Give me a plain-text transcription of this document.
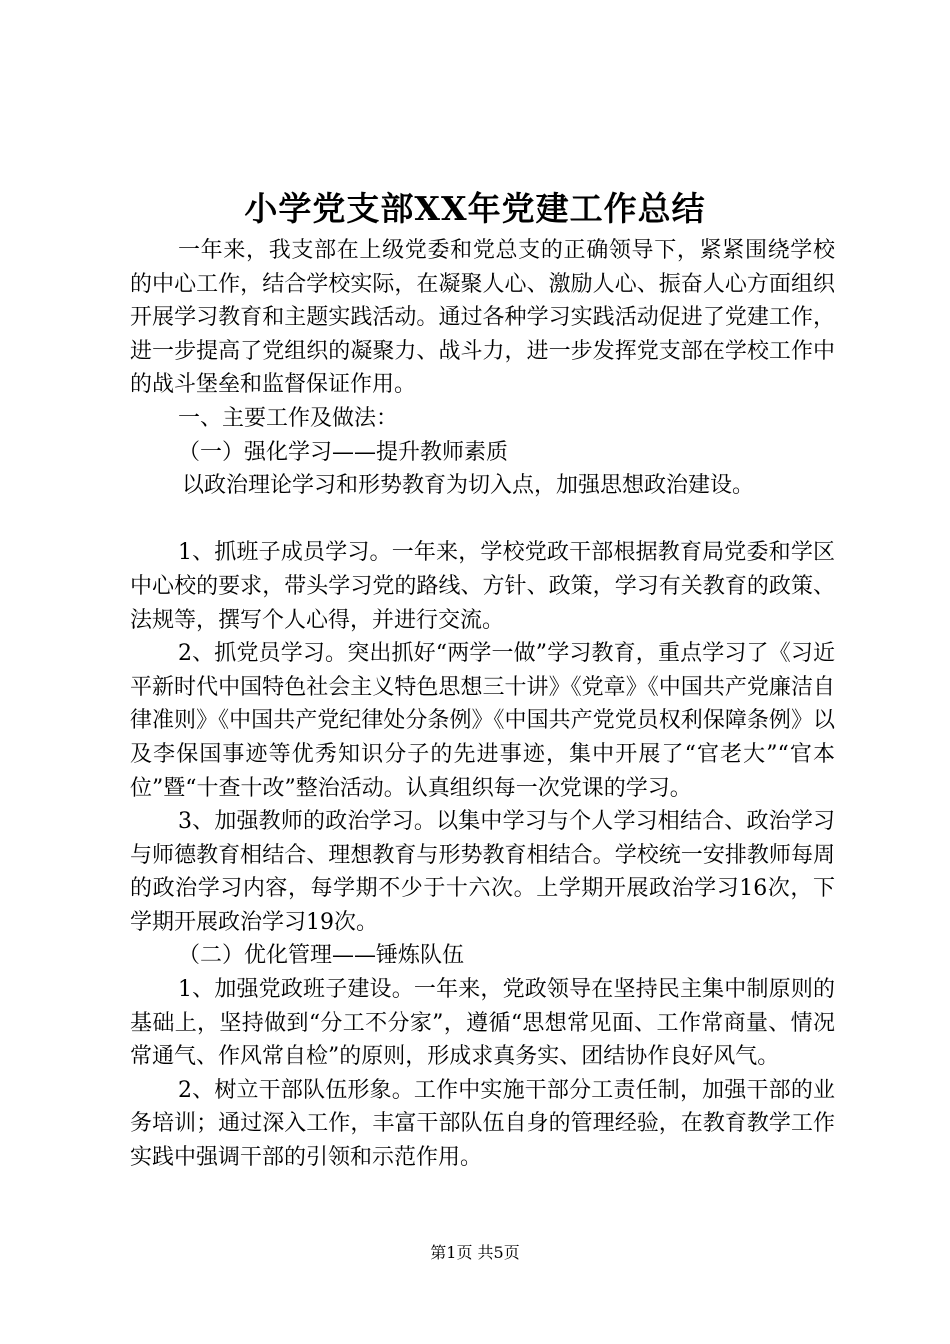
小学党支部XX年党建工作总结

一年来，我支部在上级党委和党总支的正确领导下，紧紧围绕学校的中心工作，结合学校实际，在凝聚人心、激励人心、振奋人心方面组织开展学习教育和主题实践活动。通过各种学习实践活动促进了党建工作，进一步提高了党组织的凝聚力、战斗力，进一步发挥党支部在学校工作中的战斗堡垒和监督保证作用。

一、主要工作及做法：

（一）强化学习——提升教师素质

以政治理论学习和形势教育为切入点，加强思想政治建设。

1、抓班子成员学习。一年来，学校党政干部根据教育局党委和学区中心校的要求，带头学习党的路线、方针、政策，学习有关教育的政策、法规等，撰写个人心得，并进行交流。

2、抓党员学习。突出抓好“两学一做”学习教育，重点学习了《习近平新时代中国特色社会主义特色思想三十讲》《党章》《中国共产党廉洁自律准则》《中国共产党纪律处分条例》《中国共产党党员权利保障条例》以及李保国事迹等优秀知识分子的先进事迹，集中开展了“官老大”“官本位”暨“十查十改”整治活动。认真组织每一次党课的学习。

3、加强教师的政治学习。以集中学习与个人学习相结合、政治学习与师德教育相结合、理想教育与形势教育相结合。学校统一安排教师每周的政治学习内容，每学期不少于十六次。上学期开展政治学习16次，下学期开展政治学习19次。

（二）优化管理——锤炼队伍

1、加强党政班子建设。一年来，党政领导在坚持民主集中制原则的基础上，坚持做到“分工不分家”，遵循“思想常见面、工作常商量、情况常通气、作风常自检”的原则，形成求真务实、团结协作良好风气。

2、树立干部队伍形象。工作中实施干部分工责任制，加强干部的业务培训；通过深入工作，丰富干部队伍自身的管理经验，在教育教学工作实践中强调干部的引领和示范作用。

第1页 共5页
